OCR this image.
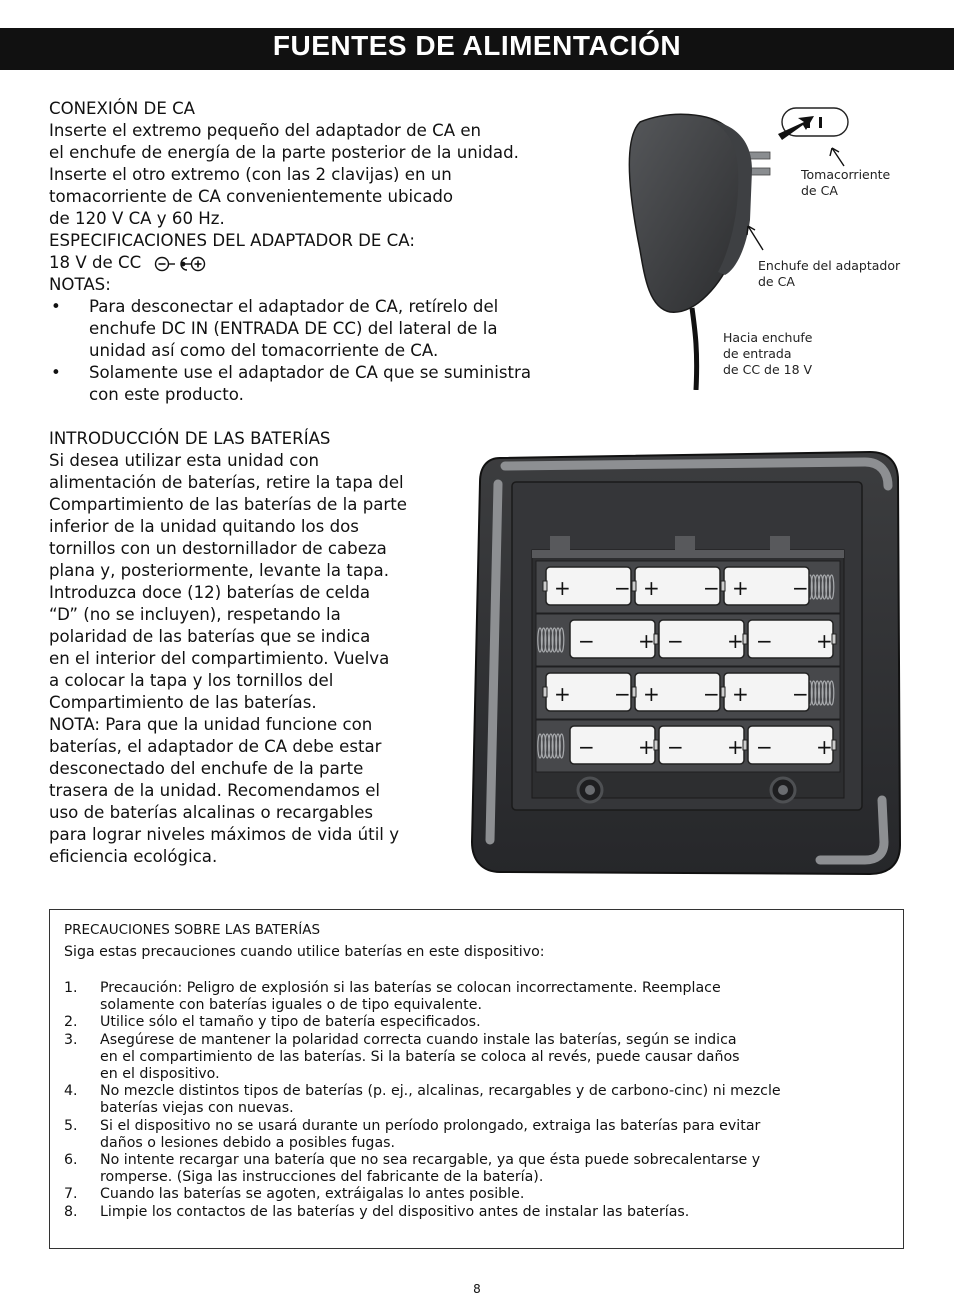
FUENTES DE ALIMENTACIÓN
CONEXIÓN DE CA
Inserte el extremo pequeño del adaptador de CA en
el enchufe de energía de la parte posterior de la unidad.
Inserte el otro extremo (con las 2 clavijas) en un
tomacorriente de CA convenientemente ubicado
de 120 V CA y 60 Hz.
ESPECIFICACIONES DEL ADAPTADOR DE CA:
18 V de CC
NOTAS:
• Para desconectar el adaptador de CA, retírelo del
enchufe DC IN (ENTRADA DE CC) del lateral de la
unidad así como del tomacorriente de CA.
• Solamente use el adaptador de CA que se suministra
con este producto.
Tomacorriente
de CA
Enchufe del adaptador
de CA
Hacia enchufe
de entrada
de CC de 18 V
INTRODUCCIÓN DE LAS BATERÍAS
Si desea utilizar esta unidad con
alimentación de baterías, retire la tapa del
Compartimiento de las baterías de la parte
inferior de la unidad quitando los dos
tornillos con un destornillador de cabeza
plana y, posteriormente, levante la tapa.
Introduzca doce (12) baterías de celda
“D” (no se incluyen), respetando la
polaridad de las baterías que se indica
en el interior del compartimiento. Vuelva
a colocar la tapa y los tornillos del
Compartimiento de las baterías.
NOTA: Para que la unidad funcione con
baterías, el adaptador de CA debe estar
desconectado del enchufe de la parte
trasera de la unidad. Recomendamos el
uso de baterías alcalinas o recargables
para lograr niveles máximos de vida útil y
eficiencia ecológica.
+ − + − + −
− + − + − +
+ − + − + −
− + − + − +
PRECAUCIONES SOBRE LAS BATERÍAS
Siga estas precauciones cuando utilice baterías en este dispositivo:
1. Precaución: Peligro de explosión si las baterías se colocan incorrectamente. Reemplace
solamente con baterías iguales o de tipo equivalente.
2. Utilice sólo el tamaño y tipo de batería especificados.
3. Asegúrese de mantener la polaridad correcta cuando instale las baterías, según se indica
en el compartimiento de las baterías. Si la batería se coloca al revés, puede causar daños
en el dispositivo.
4. No mezcle distintos tipos de baterías (p. ej., alcalinas, recargables y de carbono-cinc) ni mezcle
baterías viejas con nuevas.
5. Si el dispositivo no se usará durante un período prolongado, extraiga las baterías para evitar
daños o lesiones debido a posibles fugas.
6. No intente recargar una batería que no sea recargable, ya que ésta puede sobrecalentarse y
romperse. (Siga las instrucciones del fabricante de la batería).
7. Cuando las baterías se agoten, extráigalas lo antes posible.
8. Limpie los contactos de las baterías y del dispositivo antes de instalar las baterías.
8
